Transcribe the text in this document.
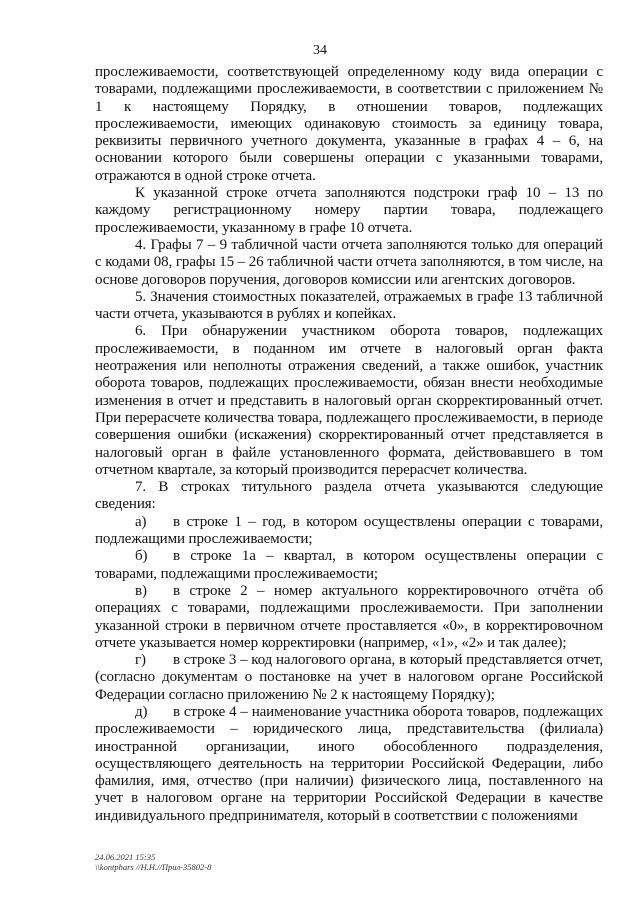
34

прослеживаемости, соответствующей определенному коду вида операции с товарами, подлежащими прослеживаемости, в соответствии с приложением № 1 к настоящему Порядку, в отношении товаров, подлежащих прослеживаемости, имеющих одинаковую стоимость за единицу товара, реквизиты первичного учетного документа, указанные в графах 4 – 6, на основании которого были совершены операции с указанными товарами, отражаются в одной строке отчета.

К указанной строке отчета заполняются подстроки граф 10 – 13 по каждому регистрационному номеру партии товара, подлежащего прослеживаемости, указанному в графе 10 отчета.

4. Графы 7 – 9 табличной части отчета заполняются только для операций с кодами 08, графы 15 – 26 табличной части отчета заполняются, в том числе, на основе договоров поручения, договоров комиссии или агентских договоров.

5. Значения стоимостных показателей, отражаемых в графе 13 табличной части отчета, указываются в рублях и копейках.

6. При обнаружении участником оборота товаров, подлежащих прослеживаемости, в поданном им отчете в налоговый орган факта неотражения или неполноты отражения сведений, а также ошибок, участник оборота товаров, подлежащих прослеживаемости, обязан внести необходимые изменения в отчет и представить в налоговый орган скорректированный отчет. При перерасчете количества товара, подлежащего прослеживаемости, в периоде совершения ошибки (искажения) скорректированный отчет представляется в налоговый орган в файле установленного формата, действовавшего в том отчетном квартале, за который производится перерасчет количества.

7. В строках титульного раздела отчета указываются следующие сведения:

а) в строке 1 – год, в котором осуществлены операции с товарами, подлежащими прослеживаемости;

б) в строке 1а – квартал, в котором осуществлены операции с товарами, подлежащими прослеживаемости;

в) в строке 2 – номер актуального корректировочного отчёта об операциях с товарами, подлежащими прослеживаемости. При заполнении указанной строки в первичном отчете проставляется «0», в корректировочном отчете указывается номер корректировки (например, «1», «2» и так далее);

г) в строке 3 – код налогового органа, в который представляется отчет, (согласно документам о постановке на учет в налоговом органе Российской Федерации согласно приложению № 2 к настоящему Порядку);

д) в строке 4 – наименование участника оборота товаров, подлежащих прослеживаемости – юридического лица, представительства (филиала) иностранной организации, иного обособленного подразделения, осуществляющего деятельность на территории Российской Федерации, либо фамилия, имя, отчество (при наличии) физического лица, поставленного на учет в налоговом органе на территории Российской Федерации в качестве индивидуального предпринимателя, который в соответствии с положениями

24.06.2021 15:35
\\kontphars //Н.Н.//Прил-35802-8
